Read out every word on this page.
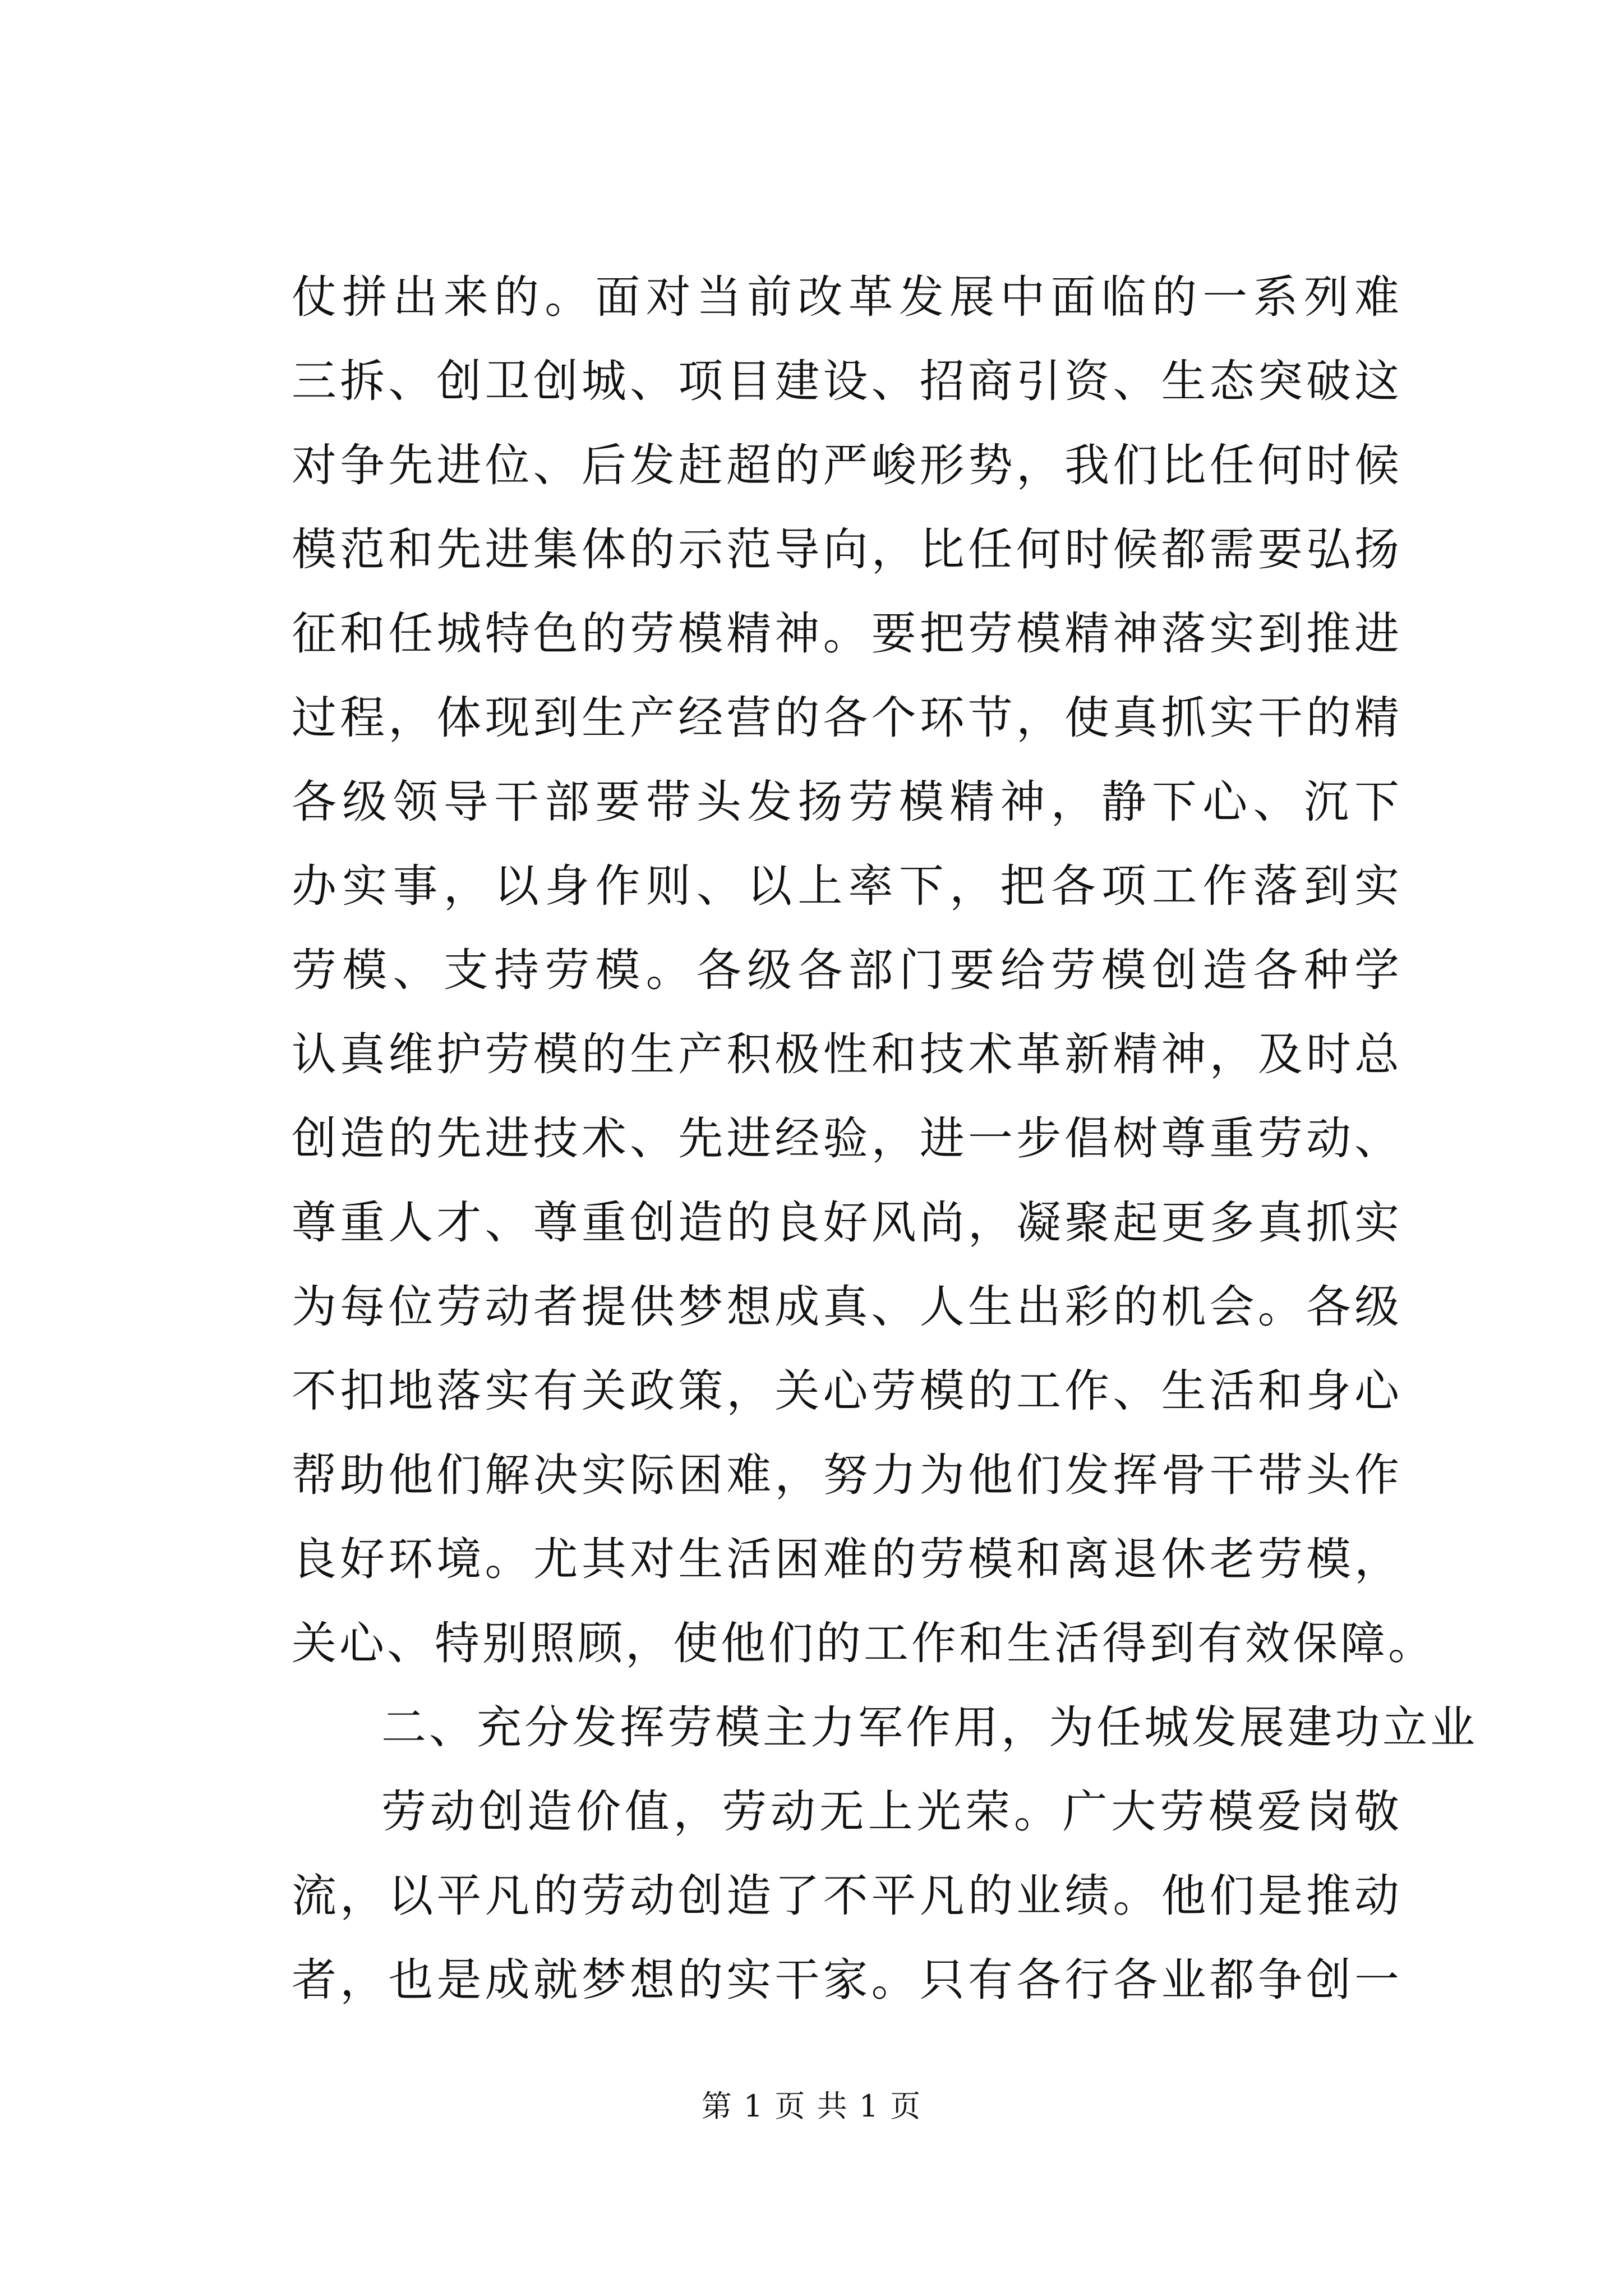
仗拼出来的。面对当前改革发展中面临的一系列难
三拆、创卫创城、项目建设、招商引资、生态突破这
对争先进位、后发赶超的严峻形势，我们比任何时候
模范和先进集体的示范导向，比任何时候都需要弘扬
征和任城特色的劳模精神。要把劳模精神落实到推进
过程，体现到生产经营的各个环节，使真抓实干的精
各级领导干部要带头发扬劳模精神，静下心、沉下
办实事，以身作则、以上率下，把各项工作落到实
劳模、支持劳模。各级各部门要给劳模创造各种学
认真维护劳模的生产积极性和技术革新精神，及时总
创造的先进技术、先进经验，进一步倡树尊重劳动、
尊重人才、尊重创造的良好风尚，凝聚起更多真抓实
为每位劳动者提供梦想成真、人生出彩的机会。各级
不扣地落实有关政策，关心劳模的工作、生活和身心
帮助他们解决实际困难，努力为他们发挥骨干带头作
良好环境。尤其对生活困难的劳模和离退休老劳模，
关心、特别照顾，使他们的工作和生活得到有效保障。
二、充分发挥劳模主力军作用，为任城发展建功立业
劳动创造价值，劳动无上光荣。广大劳模爱岗敬
流，以平凡的劳动创造了不平凡的业绩。他们是推动
者，也是成就梦想的实干家。只有各行各业都争创一
第 1 页 共 1 页
